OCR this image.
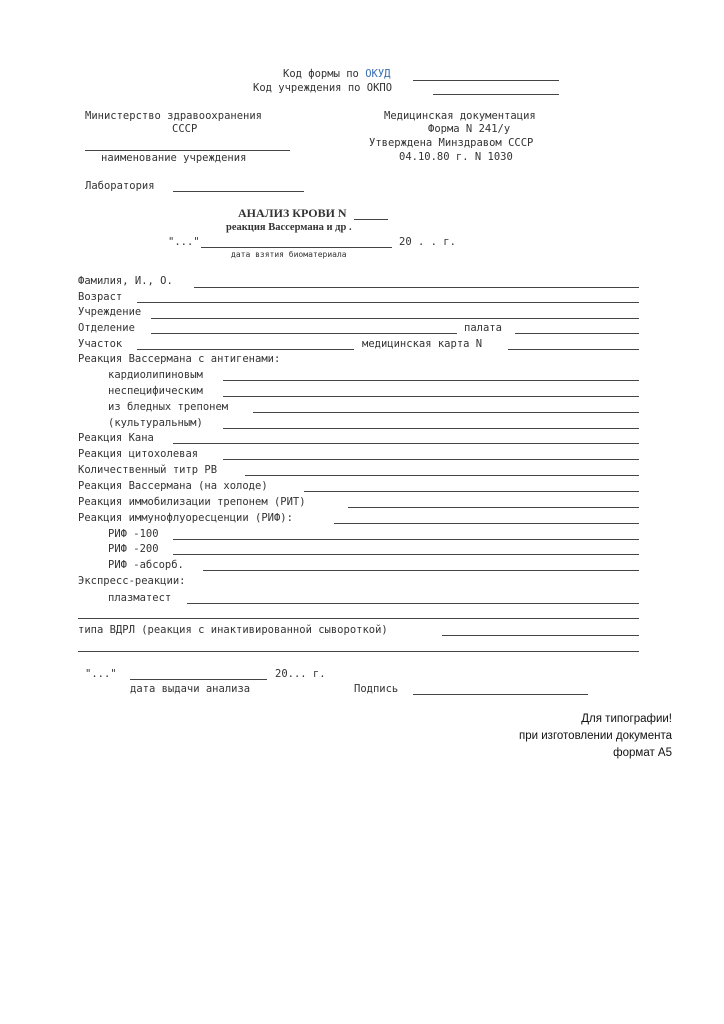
Код формы по ОКУД
Код учреждения по ОКПО
Министерство здравоохранения
СССР
наименование учреждения
Медицинская документация
Форма N 241/у
Утверждена Минздравом СССР
04.10.80 г. N 1030
Лаборатория
АНАЛИЗ КРОВИ N
реакция Вассермана и др .
"..."	20 . . г.
дата взятия биоматериала
Фамилия, И., О.
Возраст
Учреждение
Отделение	палата
Участок	медицинская карта N
Реакция Вассермана с антигенами:
кардиолипиновым
неспецифическим
из бледных трепонем
(культуральным)
Реакция Кана
Реакция цитохолевая
Количественный титр РВ
Реакция Вассермана (на холоде)
Реакция иммобилизации трепонем (РИТ)
Реакция иммунофлуоресценции (РИФ):
РИФ -100
РИФ -200
РИФ -абсорб.
Экспресс-реакции:
плазматест
типа ВДРЛ (реакция с инактивированной сывороткой)
"..."	20... г.
дата выдачи анализа	Подпись
Для типографии!
при изготовлении документа
формат А5
